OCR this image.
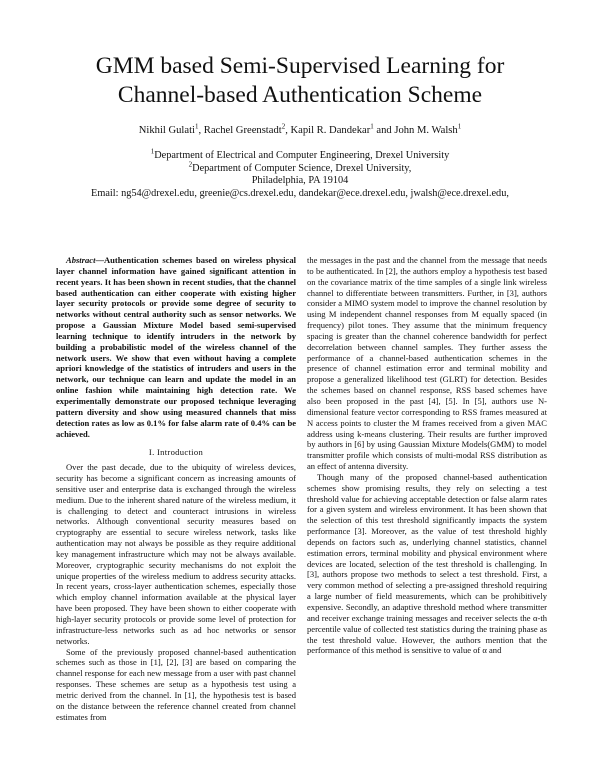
GMM based Semi-Supervised Learning for
Channel-based Authentication Scheme
Nikhil Gulati$^1$, Rachel Greenstadt$^2$, Kapil R. Dandekar$^1$ and John M. Walsh$^1$
$^1$Department of Electrical and Computer Engineering, Drexel University
$^2$Department of Computer Science, Drexel University,
Philadelphia, PA 19104
Email: ng54@drexel.edu, greenie@cs.drexel.edu, dandekar@ece.drexel.edu, jwalsh@ece.drexel.edu,

Abstract—Authentication schemes based on wireless physical layer channel information have gained significant attention in recent years. It has been shown in recent studies, that the channel based authentication can either cooperate with existing higher layer security protocols or provide some degree of security to networks without central authority such as sensor networks. We propose a Gaussian Mixture Model based semi-supervised learning technique to identify intruders in the network by building a probabilistic model of the wireless channel of the network users. We show that even without having a complete apriori knowledge of the statistics of intruders and users in the network, our technique can learn and update the model in an online fashion while maintaining high detection rate. We experimentally demonstrate our proposed technique leveraging pattern diversity and show using measured channels that miss detection rates as low as 0.1% for false alarm rate of 0.4% can be achieved.

I. Introduction

Over the past decade, due to the ubiquity of wireless devices, security has become a significant concern as increasing amounts of sensitive user and enterprise data is exchanged through the wireless medium. Due to the inherent shared nature of the wireless medium, it is challenging to detect and counteract intrusions in wireless networks. Although conventional security measures based on cryptography are essential to secure wireless network, tasks like authentication may not always be possible as they require additional key management infrastructure which may not be always available. Moreover, cryptographic security mechanisms do not exploit the unique properties of the wireless medium to address security attacks. In recent years, cross-layer authentication schemes, especially those which employ channel information available at the physical layer have been proposed. They have been shown to either cooperate with high-layer security protocols or provide some level of protection for infrastructure-less networks such as ad hoc networks or sensor networks.

Some of the previously proposed channel-based authentication schemes such as those in [1], [2], [3] are based on comparing the channel response for each new message from a user with past channel responses. These schemes are setup as a hypothesis test using a metric derived from the channel. In [1], the hypothesis test is based on the distance between the reference channel created from channel estimates from

the messages in the past and the channel from the message that needs to be authenticated. In [2], the authors employ a hypothesis test based on the covariance matrix of the time samples of a single link wireless channel to differentiate between transmitters. Further, in [3], authors consider a MIMO system model to improve the channel resolution by using M independent channel responses from M equally spaced (in frequency) pilot tones. They assume that the minimum frequency spacing is greater than the channel coherence bandwidth for perfect decorrelation between channel samples. They further assess the performance of a channel-based authentication schemes in the presence of channel estimation error and terminal mobility and propose a generalized likelihood test (GLRT) for detection. Besides the schemes based on channel response, RSS based schemes have also been proposed in the past [4], [5]. In [5], authors use N-dimensional feature vector corresponding to RSS frames measured at N access points to cluster the M frames received from a given MAC address using k-means clustering. Their results are further improved by authors in [6] by using Gaussian Mixture Models(GMM) to model transmitter profile which consists of multi-modal RSS distribution as an effect of antenna diversity.

Though many of the proposed channel-based authentication schemes show promising results, they rely on selecting a test threshold value for achieving acceptable detection or false alarm rates for a given system and wireless environment. It has been shown that the selection of this test threshold significantly impacts the system performance [3]. Moreover, as the value of test threshold highly depends on factors such as, underlying channel statistics, channel estimation errors, terminal mobility and physical environment where devices are located, selection of the test threshold is challenging. In [3], authors propose two methods to select a test threshold. First, a very common method of selecting a pre-assigned threshold requiring a large number of field measurements, which can be prohibitively expensive. Secondly, an adaptive threshold method where transmitter and receiver exchange training messages and receiver selects the α-th percentile value of collected test statistics during the training phase as the test threshold value. However, the authors mention that the performance of this method is sensitive to value of α and
